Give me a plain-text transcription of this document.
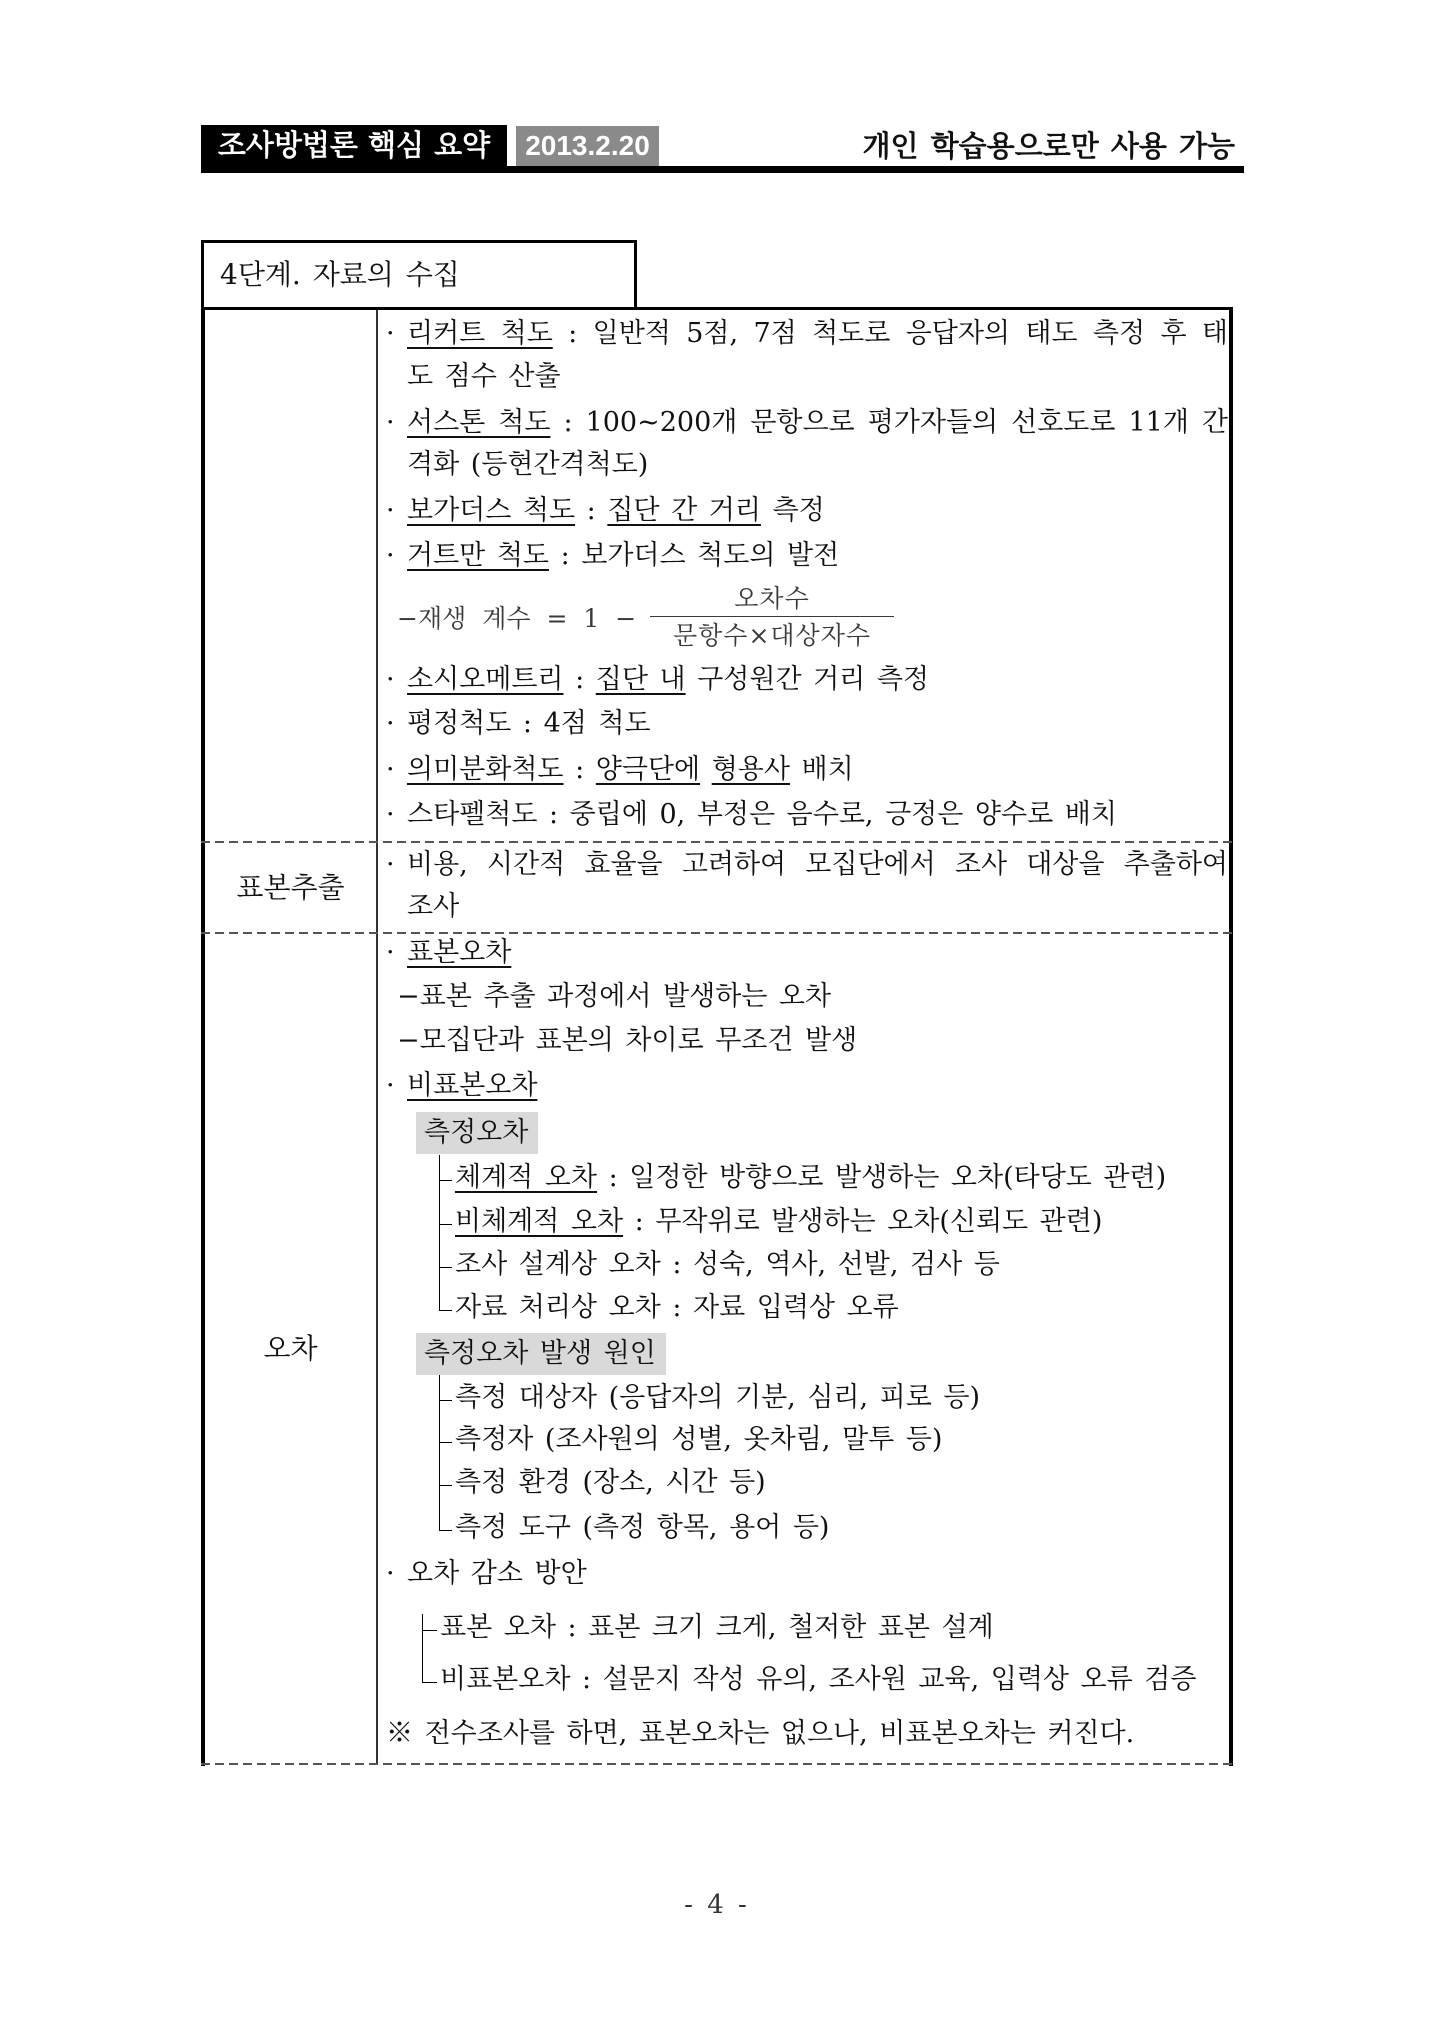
조사방법론 핵심 요약	2013.2.20	개인 학습용으로만 사용 가능
4단계. 자료의 수집
표본추출
오차
· 리커트 척도 : 일반적 5점, 7점 척도로 응답자의 태도 측정 후 태
도 점수 산출
· 서스톤 척도 : 100~200개 문항으로 평가자들의 선호도로 11개 간
격화 (등현간격척도)
· 보가더스 척도 : 집단 간 거리 측정
· 거트만 척도 : 보가더스 척도의 발전
−재생 계수 = 1 −
오차수
문항수×대상자수
· 소시오메트리 : 집단 내 구성원간 거리 측정
· 평정척도 : 4점 척도
· 의미분화척도 : 양극단에 형용사 배치
· 스타펠척도 : 중립에 0, 부정은 음수로, 긍정은 양수로 배치
· 비용, 시간적 효율을 고려하여 모집단에서 조사 대상을 추출하여
조사
· 표본오차
−표본 추출 과정에서 발생하는 오차
−모집단과 표본의 차이로 무조건 발생
· 비표본오차
측정오차
체계적 오차 : 일정한 방향으로 발생하는 오차(타당도 관련)
비체계적 오차 : 무작위로 발생하는 오차(신뢰도 관련)
조사 설계상 오차 : 성숙, 역사, 선발, 검사 등
자료 처리상 오차 : 자료 입력상 오류
측정오차 발생 원인
측정 대상자 (응답자의 기분, 심리, 피로 등)
측정자 (조사원의 성별, 옷차림, 말투 등)
측정 환경 (장소, 시간 등)
측정 도구 (측정 항목, 용어 등)
· 오차 감소 방안
표본 오차 : 표본 크기 크게, 철저한 표본 설계
비표본오차 : 설문지 작성 유의, 조사원 교육, 입력상 오류 검증
※ 전수조사를 하면, 표본오차는 없으나, 비표본오차는 커진다.
- 4 -
